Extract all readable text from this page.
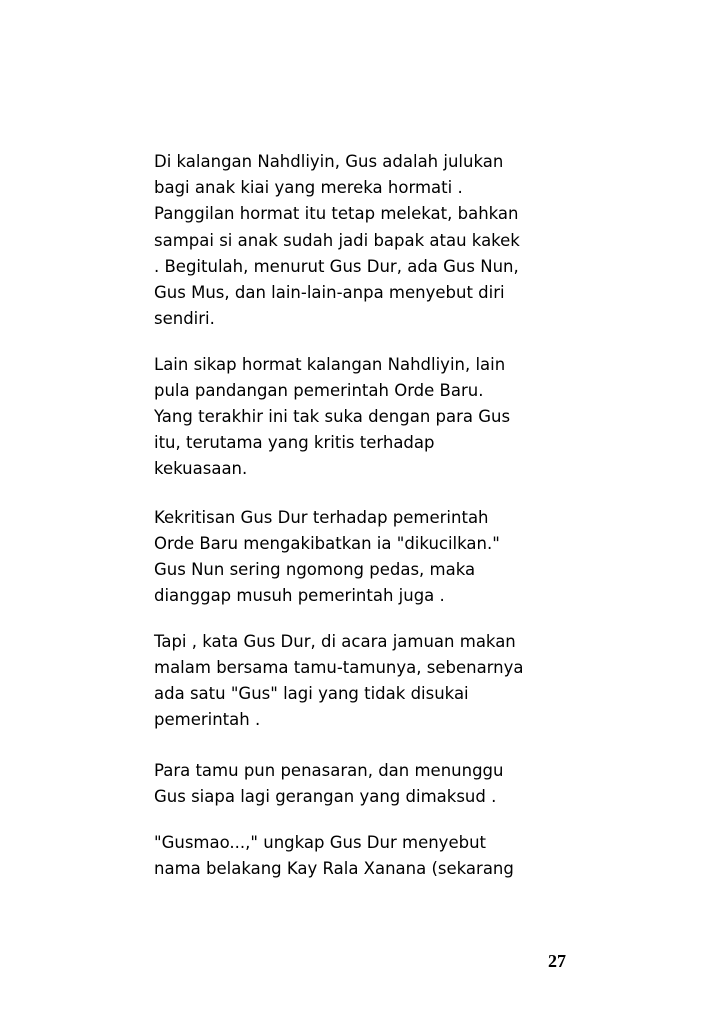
Di kalangan Nahdliyin, Gus adalah julukan
bagi anak kiai yang mereka hormati .
Panggilan hormat itu tetap melekat, bahkan
sampai si anak sudah jadi bapak atau kakek
. Begitulah, menurut Gus Dur, ada Gus Nun,
Gus Mus, dan lain-lain-anpa menyebut diri
sendiri.
Lain sikap hormat kalangan Nahdliyin, lain
pula pandangan pemerintah Orde Baru.
Yang terakhir ini tak suka dengan para Gus
itu, terutama yang kritis terhadap
kekuasaan.
Kekritisan Gus Dur terhadap pemerintah
Orde Baru mengakibatkan ia "dikucilkan."
Gus Nun sering ngomong pedas, maka
dianggap musuh pemerintah juga .
Tapi , kata Gus Dur, di acara jamuan makan
malam bersama tamu-tamunya, sebenarnya
ada satu "Gus" lagi yang tidak disukai
pemerintah .
Para tamu pun penasaran, dan menunggu
Gus siapa lagi gerangan yang dimaksud .
"Gusmao...," ungkap Gus Dur menyebut
nama belakang Kay Rala Xanana (sekarang
27
